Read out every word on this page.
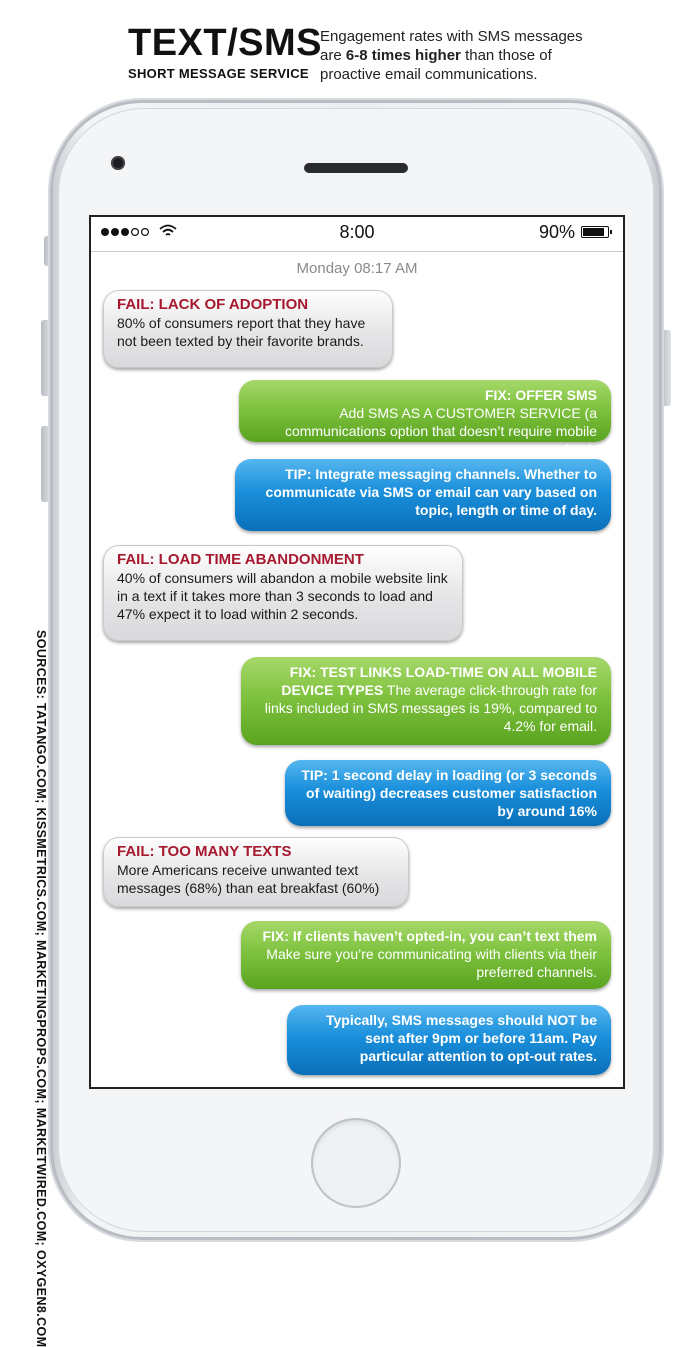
TEXT/SMS
SHORT MESSAGE SERVICE
Engagement rates with SMS messages are 6-8 times higher than those of proactive email communications.
SOURCES: TATANGO.COM; KISSMETRICS.COM; MARKETINGPROPS.COM; MARKETWIRED.COM; OXYGEN8.COM
8:00	90%
Monday 08:17 AM
FAIL: LACK OF ADOPTION
80% of consumers report that they have not been texted by their favorite brands.
FIX: OFFER SMS
Add SMS AS A CUSTOMER SERVICE (a communications option that doesn’t require mobile data).
TIP: Integrate messaging channels. Whether to communicate via SMS or email can vary based on topic, length or time of day.
FAIL: LOAD TIME ABANDONMENT
40% of consumers will abandon a mobile website link in a text if it takes more than 3 seconds to load and 47% expect it to load within 2 seconds.
FIX: TEST LINKS LOAD-TIME ON ALL MOBILE DEVICE TYPES The average click-through rate for links included in SMS messages is 19%, compared to 4.2% for email.
TIP: 1 second delay in loading (or 3 seconds of waiting) decreases customer satisfaction by around 16%
FAIL: TOO MANY TEXTS
More Americans receive unwanted text messages (68%) than eat breakfast (60%)
FIX: If clients haven’t opted-in, you can’t text them Make sure you’re communicating with clients via their preferred channels.
Typically, SMS messages should NOT be sent after 9pm or before 11am. Pay particular attention to opt-out rates.
